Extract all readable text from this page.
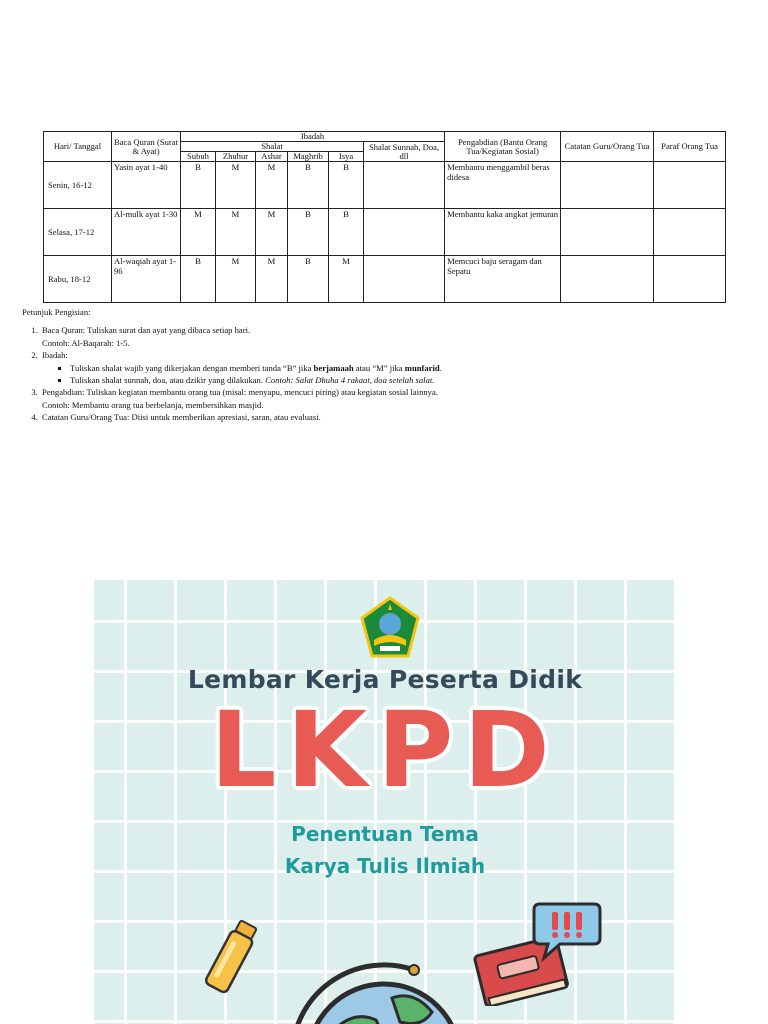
Hari/ Tanggal	Baca Quran (Surat & Ayat)	Ibadah						Pengabdian (Bantu Orang Tua/Kegiatan Sosial)	Catatan Guru/Orang Tua	Paraf Orang Tua
		Shalat					Shalat Sunnah, Doa, dll			
		Subuh	Zhuhur	Ashar	Maghrib	Isya				
Senin, 16-12	Yasin ayat 1-40	B	M	M	B	B		Membantu menggambil beras didesa		
Selasa, 17-12	Al-mulk ayat 1-30	M	M	M	B	B		Membantu kaka angkat jemuran		
Rabu, 18-12	Al-waqiah ayat 1-96	B	M	M	B	M		Memcuci baju seragam dan Sepatu		

Petunjuk Pengisian:

1. Baca Quran: Tuliskan surat dan ayat yang dibaca setiap hari.
Contoh: Al-Baqarah: 1-5.
2. Ibadah:
▪ Tuliskan shalat wajib yang dikerjakan dengan memberi tanda “B” jika berjamaah atau “M” jika munfarid.
▪ Tuliskan shalat sunnah, doa, atau dzikir yang dilakukan. Contoh: Salat Dhuha 4 rakaat, doa setelah salat.
3. Pengabdian: Tuliskan kegiatan membantu orang tua (misal: menyapu, mencuci piring) atau kegiatan sosial lainnya.
Contoh: Membantu orang tua berbelanja, membersihkan masjid.
4. Catatan Guru/Orang Tua: Diisi untuk memberikan apresiasi, saran, atau evaluasi.
Lembar Kerja Peserta Didik
LKPD
Penentuan Tema
Karya Tulis Ilmiah
